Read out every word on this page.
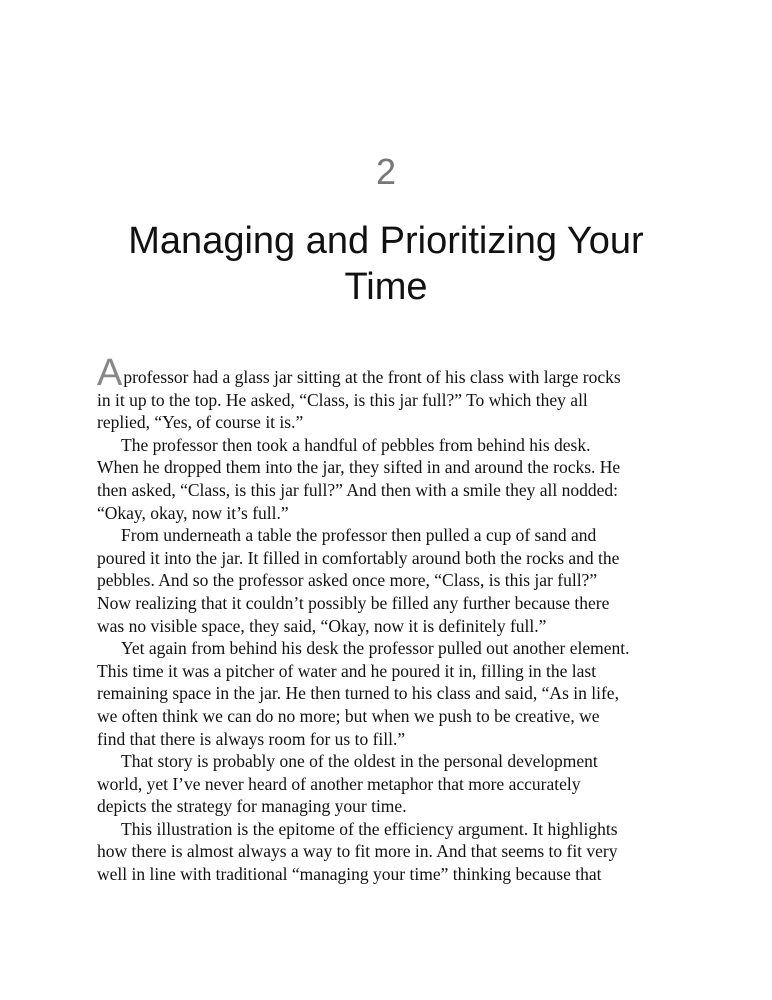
2
Managing and Prioritizing Your Time
Aprofessor had a glass jar sitting at the front of his class with large rocks
in it up to the top. He asked, “Class, is this jar full?” To which they all
replied, “Yes, of course it is.”
The professor then took a handful of pebbles from behind his desk.
When he dropped them into the jar, they sifted in and around the rocks. He
then asked, “Class, is this jar full?” And then with a smile they all nodded:
“Okay, okay, now it’s full.”
From underneath a table the professor then pulled a cup of sand and
poured it into the jar. It filled in comfortably around both the rocks and the
pebbles. And so the professor asked once more, “Class, is this jar full?”
Now realizing that it couldn’t possibly be filled any further because there
was no visible space, they said, “Okay, now it is definitely full.”
Yet again from behind his desk the professor pulled out another element.
This time it was a pitcher of water and he poured it in, filling in the last
remaining space in the jar. He then turned to his class and said, “As in life,
we often think we can do no more; but when we push to be creative, we
find that there is always room for us to fill.”
That story is probably one of the oldest in the personal development
world, yet I’ve never heard of another metaphor that more accurately
depicts the strategy for managing your time.
This illustration is the epitome of the efficiency argument. It highlights
how there is almost always a way to fit more in. And that seems to fit very
well in line with traditional “managing your time” thinking because that
